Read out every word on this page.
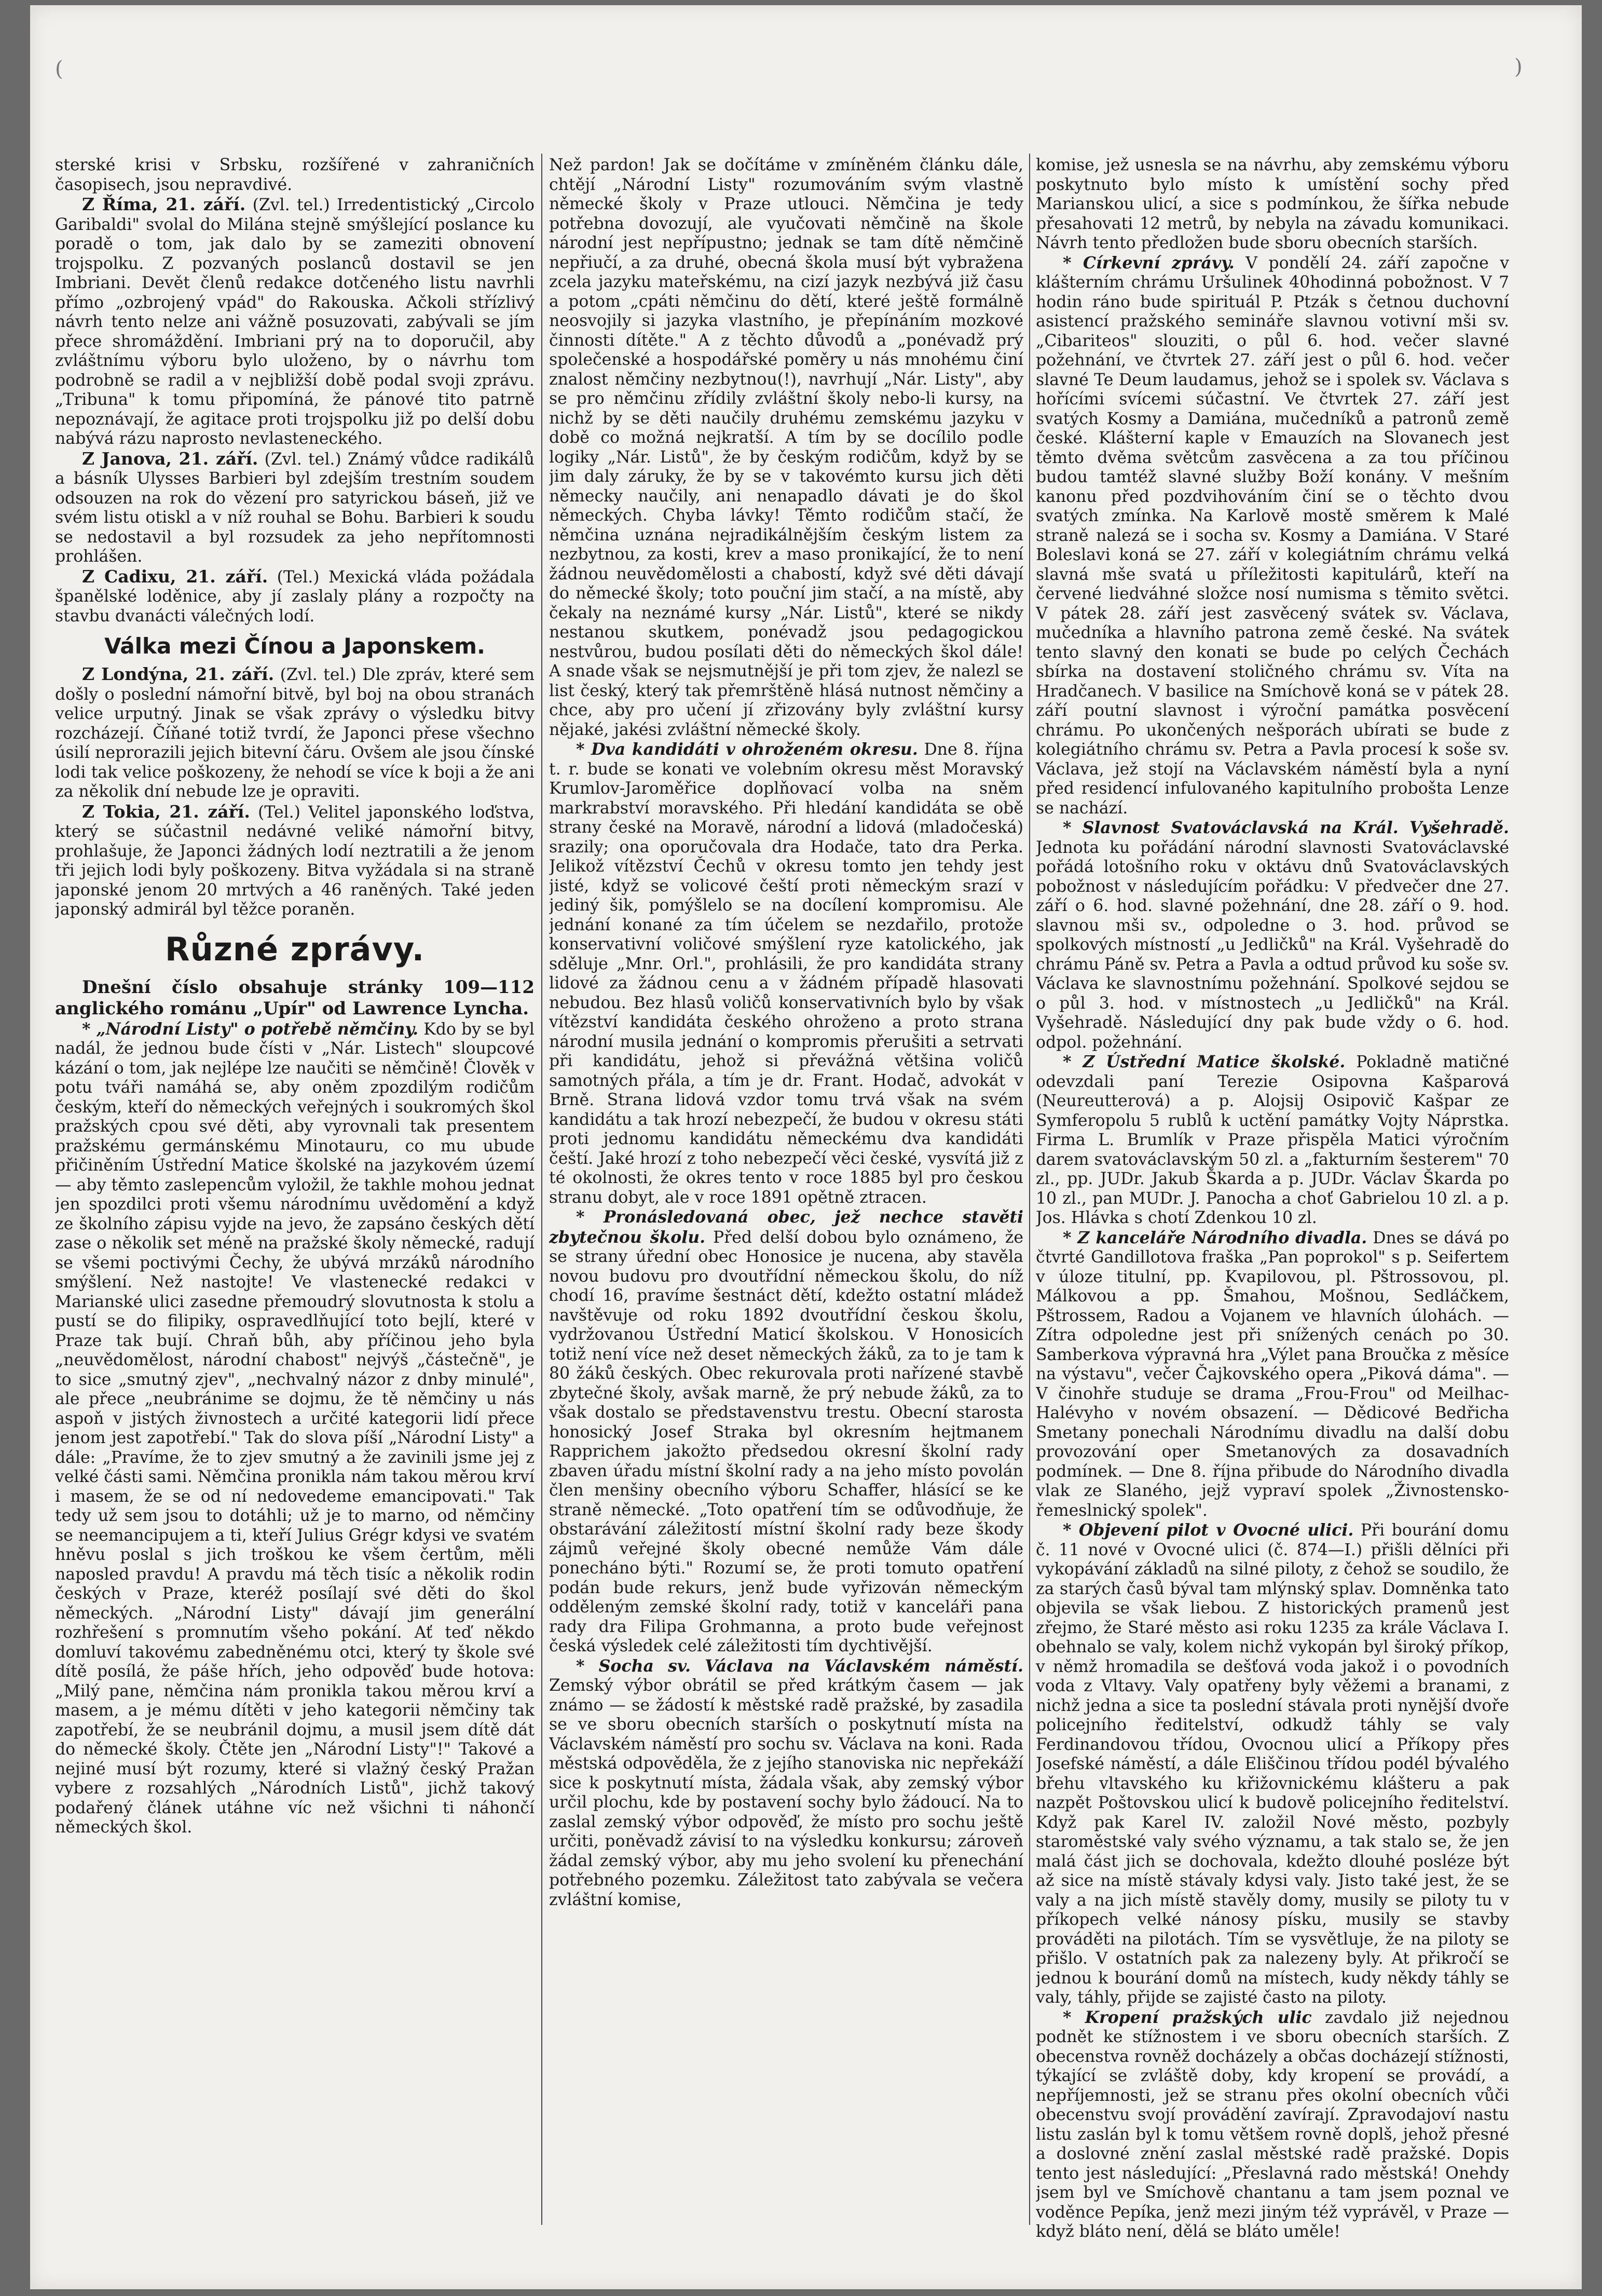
(	)

sterské krisi v Srbsku, rozšířené v zahraničních časopisech, jsou nepravdivé.

Z Říma, 21. září. (Zvl. tel.) Irredentistický „Circolo Garibaldi" svolal do Milána stejně smýšlející poslance ku poradě o tom, jak dalo by se zameziti obnovení trojspolku. Z pozvaných poslanců dostavil se jen Imbriani. Devět členů redakce dotčeného listu navrhli přímo „ozbrojený vpád" do Rakouska. Ačkoli střízlivý návrh tento nelze ani vážně posuzovati, zabývali se jím přece shromáždění. Imbriani prý na to doporučil, aby zvláštnímu výboru bylo uloženo, by o návrhu tom podrobně se radil a v nejbližší době podal svoji zprávu. „Tribuna" k tomu připomíná, že pánové tito patrně nepoznávají, že agitace proti trojspolku již po delší dobu nabývá rázu naprosto nevlasteneckého.

Z Janova, 21. září. (Zvl. tel.) Známý vůdce radikálů a básník Ulysses Barbieri byl zdejším trestním soudem odsouzen na rok do vězení pro satyrickou báseň, již ve svém listu otiskl a v níž rouhal se Bohu. Barbieri k soudu se nedostavil a byl rozsudek za jeho nepřítomnosti prohlášen.

Z Cadixu, 21. září. (Tel.) Mexická vláda požádala španělské loděnice, aby jí zaslaly plány a rozpočty na stavbu dvanácti válečných lodí.

Válka mezi Čínou a Japonskem.

Z Londýna, 21. září. (Zvl. tel.) Dle zpráv, které sem došly o poslední námořní bitvě, byl boj na obou stranách velice urputný. Jinak se však zprávy o výsledku bitvy rozcházejí. Číňané totiž tvrdí, že Japonci přese všechno úsilí neprorazili jejich bitevní čáru. Ovšem ale jsou čínské lodi tak velice poškozeny, že nehodí se více k boji a že ani za několik dní nebude lze je opraviti.

Z Tokia, 21. září. (Tel.) Velitel japonského loďstva, který se súčastnil nedávné veliké námořní bitvy, prohlašuje, že Japonci žádných lodí neztratili a že jenom tři jejich lodi byly poškozeny. Bitva vyžádala si na straně japonské jenom 20 mrtvých a 46 raněných. Také jeden japonský admirál byl těžce poraněn.

Různé zprávy.

Dnešní číslo obsahuje stránky 109—112 anglického románu „Upír" od Lawrence Lyncha.

* „Národní Listy" o potřebě němčiny. Kdo by se byl nadál, že jednou bude čísti v „Nár. Listech" sloupcové kázání o tom, jak nejlépe lze naučiti se němčině! Člověk v potu tváři namáhá se, aby oněm zpozdilým rodičům českým, kteří do německých veřejných i soukromých škol pražských cpou své děti, aby vyrovnali tak presentem pražskému germánskému Minotauru, co mu ubude přičiněním Ústřední Matice školské na jazykovém území — aby těmto zaslepencům vyložil, že takhle mohou jednat jen spozdilci proti všemu národnímu uvědomění a když ze školního zápisu vyjde na jevo, že zapsáno českých dětí zase o několik set méně na pražské školy německé, radují se všemi poctivými Čechy, že ubývá mrzáků národního smýšlení. Než nastojte! Ve vlastenecké redakci v Marianské ulici zasedne přemoudrý slovutnosta k stolu a pustí se do filipiky, ospravedlňující toto bejlí, které v Praze tak bují. Chraň bůh, aby příčinou jeho byla „neuvědomělost, národní chabost" nejvýš „částečně", je to sice „smutný zjev", „nechvalný názor z dnby minulé", ale přece „neubránime se dojmu, že tě němčiny u nás aspoň v jistých živnostech a určité kategorii lidí přece jenom jest zapotřebí." Tak do slova píší „Národní Listy" a dále: „Pravíme, že to zjev smutný a že zavinili jsme jej z velké části sami. Němčina pronikla nám takou měrou krví i masem, že se od ní nedovedeme emancipovati." Tak tedy už sem jsou to dotáhli; už je to marno, od němčiny se neemancipujem a ti, kteří Julius Grégr kdysi ve svatém hněvu poslal s jich troškou ke všem čertům, měli naposled pravdu! A pravdu má těch tisíc a několik rodin českých v Praze, kteréž posílají své děti do škol německých. „Národní Listy" dávají jim generální rozhřešení s promnutím všeho pokání. Ať teď někdo domluví takovému zabedněnému otci, který ty škole své dítě posílá, že páše hřích, jeho odpověď bude hotova: „Milý pane, němčina nám pronikla takou měrou krví a masem, a je mému dítěti v jeho kategorii němčiny tak zapotřebí, že se neubránil dojmu, a musil jsem dítě dát do německé školy. Čtěte jen „Národní Listy"!" Takové a nejiné musí být rozumy, které si vlažný český Pražan vybere z rozsahlých „Národních Listů", jichž takový podařený článek utáhne víc než všichni ti náhončí německých škol.

Než pardon! Jak se dočítáme v zmíněném článku dále, chtějí „Národní Listy" rozumováním svým vlastně německé školy v Praze utlouci. Němčina je tedy potřebna dovozují, ale vyučovati němčině na škole národní jest nepřípustno; jednak se tam dítě němčině nepřiučí, a za druhé, obecná škola musí být vybražena zcela jazyku mateřskému, na cizí jazyk nezbývá již času a potom „cpáti němčinu do dětí, které ještě formálně neosvojily si jazyka vlastního, je přepínáním mozkové činnosti dítěte." A z těchto důvodů a „ponévadž prý společenské a hospodářské poměry u nás mnohému činí znalost němčiny nezbytnou(!), navrhují „Nár. Listy", aby se pro němčinu zřídily zvláštní školy nebo-li kursy, na nichž by se děti naučily druhému zemskému jazyku v době co možná nejkratší. A tím by se docílilo podle logiky „Nár. Listů", že by českým rodičům, když by se jim daly záruky, že by se v takovémto kursu jich děti německy naučily, ani nenapadlo dávati je do škol německých. Chyba lávky! Těmto rodičům stačí, že němčina uznána nejradikálnějším českým listem za nezbytnou, za kosti, krev a maso pronikající, že to není žádnou neuvědomělosti a chabostí, když své děti dávají do německé školy; toto pouční jim stačí, a na místě, aby čekaly na neznámé kursy „Nár. Listů", které se nikdy nestanou skutkem, ponévadž jsou pedagogickou nestvůrou, budou posílati děti do německých škol dále! A snade však se nejsmutnější je při tom zjev, že nalezl se list český, který tak přemrštěně hlásá nutnost němčiny a chce, aby pro učení jí zřizovány byly zvláštní kursy nějaké, jakési zvláštní německé školy.

* Dva kandidáti v ohroženém okresu. Dne 8. října t. r. bude se konati ve volebním okresu měst Moravský Krumlov-Jaroměřice doplňovací volba na sněm markrabství moravského. Při hledání kandidáta se obě strany české na Moravě, národní a lidová (mladočeská) srazily; ona oporučovala dra Hodače, tato dra Perka. Jelikož vítězství Čechů v okresu tomto jen tehdy jest jisté, když se volicové čeští proti německým srazí v jediný šik, pomýšlelo se na docílení kompromisu. Ale jednání konané za tím účelem se nezdařilo, protože konservativní voličové smýšlení ryze katolického, jak sděluje „Mnr. Orl.", prohlásili, že pro kandidáta strany lidové za žádnou cenu a v žádném případě hlasovati nebudou. Bez hlasů voličů konservativních bylo by však vítězství kandidáta českého ohroženo a proto strana národní musila jednání o kompromis přerušiti a setrvati při kandidátu, jehož si převážná většina voličů samotných přála, a tím je dr. Frant. Hodač, advokát v Brně. Strana lidová vzdor tomu trvá však na svém kandidátu a tak hrozí nebezpečí, že budou v okresu státi proti jednomu kandidátu německému dva kandidáti čeští. Jaké hrozí z toho nebezpečí věci české, vysvítá již z té okolnosti, že okres tento v roce 1885 byl pro českou stranu dobyt, ale v roce 1891 opětně ztracen.

* Pronásledovaná obec, jež nechce stavěti zbytečnou školu. Před delší dobou bylo oznámeno, že se strany úřední obec Honosice je nucena, aby stavěla novou budovu pro dvoutřídní německou školu, do níž chodí 16, pravíme šestnáct dětí, kdežto ostatní mládež navštěvuje od roku 1892 dvoutřídní českou školu, vydržovanou Ústřední Maticí školskou. V Honosicích totiž není více než deset německých žáků, za to je tam k 80 žáků českých. Obec rekurovala proti nařízené stavbě zbytečné školy, avšak marně, že prý nebude žáků, za to však dostalo se představenstvu trestu. Obecní starosta honosický Josef Straka byl okresním hejtmanem Rapprichem jakožto předsedou okresní školní rady zbaven úřadu místní školní rady a na jeho místo povolán člen menšiny obecního výboru Schaffer, hlásící se ke straně německé. „Toto opatření tím se odůvodňuje, že obstarávání záležitostí místní školní rady beze škody zájmů veřejné školy obecné nemůže Vám dále ponecháno býti." Rozumí se, že proti tomuto opatření podán bude rekurs, jenž bude vyřizován německým odděleným zemské školní rady, totiž v kanceláři pana rady dra Filipa Grohmanna, a proto bude veřejnost česká výsledek celé záležitosti tím dychtivější.

* Socha sv. Václava na Václavském náměstí. Zemský výbor obrátil se před krátkým časem — jak známo — se žádostí k městské radě pražské, by zasadila se ve sboru obecních starších o poskytnutí místa na Václavském náměstí pro sochu sv. Václava na koni. Rada městská odpověděla, že z jejího stanoviska nic nepřekáží sice k poskytnutí místa, žádala však, aby zemský výbor určil plochu, kde by postavení sochy bylo žádoucí. Na to zaslal zemský výbor odpověď, že místo pro sochu ještě určiti, poněvadž závisí to na výsledku konkursu; zároveň žádal zemský výbor, aby mu jeho svolení ku přenechání potřebného pozemku. Záležitost tato zabývala se večera zvláštní komise,

komise, jež usnesla se na návrhu, aby zemskému výboru poskytnuto bylo místo k umístění sochy před Marianskou ulicí, a sice s podmínkou, že šířka nebude přesahovati 12 metrů, by nebyla na závadu komunikaci. Návrh tento předložen bude sboru obecních starších.

* Církevní zprávy. V pondělí 24. září započne v klášterním chrámu Uršulinek 40hodinná pobožnost. V 7 hodin ráno bude spirituál P. Ptzák s četnou duchovní asistencí pražského semináře slavnou votivní mši sv. „Cibariteos" slouziti, o půl 6. hod. večer slavné požehnání, ve čtvrtek 27. září jest o půl 6. hod. večer slavné Te Deum laudamus, jehož se i spolek sv. Václava s hořícími svícemi súčastní. Ve čtvrtek 27. září jest svatých Kosmy a Damiána, mučedníků a patronů země české. Klášterní kaple v Emauzích na Slovanech jest těmto dvěma světcům zasvěcena a za tou příčinou budou tamtéž slavné služby Boží konány. V mešním kanonu před pozdvihováním činí se o těchto dvou svatých zmínka. Na Karlově mostě směrem k Malé straně nalezá se i socha sv. Kosmy a Damiána. V Staré Boleslavi koná se 27. září v kolegiátním chrámu velká slavná mše svatá u příležitosti kapitulárů, kteří na červené liedváhné složce nosí numisma s těmito světci. V pátek 28. září jest zasvěcený svátek sv. Václava, mučedníka a hlavního patrona země české. Na svátek tento slavný den konati se bude po celých Čechách sbírka na dostavení stoličného chrámu sv. Víta na Hradčanech. V basilice na Smíchově koná se v pátek 28. září poutní slavnost i výroční památka posvěcení chrámu. Po ukončených nešporách ubírati se bude z kolegiátního chrámu sv. Petra a Pavla procesí k soše sv. Václava, jež stojí na Václavském náměstí byla a nyní před residencí infulovaného kapitulního probošta Lenze se nachází.

* Slavnost Svatováclavská na Král. Vyšehradě. Jednota ku pořádání národní slavnosti Svatováclavské pořádá lotošního roku v oktávu dnů Svatováclavských pobožnost v následujícím pořádku: V předvečer dne 27. září o 6. hod. slavné požehnání, dne 28. září o 9. hod. slavnou mši sv., odpoledne o 3. hod. průvod se spolkových místností „u Jedličků" na Král. Vyšehradě do chrámu Páně sv. Petra a Pavla a odtud průvod ku soše sv. Václava ke slavnostnímu požehnání. Spolkové sejdou se o půl 3. hod. v místnostech „u Jedličků" na Král. Vyšehradě. Následující dny pak bude vždy o 6. hod. odpol. požehnání.

* Z Ústřední Matice školské. Pokladně matičné odevzdali paní Terezie Osipovna Kašparová (Neureutterová) a p. Alojsij Osipovič Kašpar ze Symferopolu 5 rublů k uctění památky Vojty Náprstka. Firma L. Brumlík v Praze přispěla Matici výročním darem svatováclavským 50 zl. a „fakturním šesterem" 70 zl., pp. JUDr. Jakub Škarda a p. JUDr. Václav Škarda po 10 zl., pan MUDr. J. Panocha a choť Gabrielou 10 zl. a p. Jos. Hlávka s chotí Zdenkou 10 zl.

* Z kanceláře Národního divadla. Dnes se dává po čtvrté Gandillotova fraška „Pan poprokol" s p. Seifertem v úloze titulní, pp. Kvapilovou, pl. Pštrossovou, pl. Málkovou a pp. Šmahou, Mošnou, Sedláčkem, Pštrossem, Radou a Vojanem ve hlavních úlohách. — Zítra odpoledne jest při snížených cenách po 30. Samberkova výpravná hra „Výlet pana Broučka z měsíce na výstavu", večer Čajkovského opera „Piková dáma". — V činohře studuje se drama „Frou-Frou" od Meilhac-Halévyho v novém obsazení. — Dědicové Bedřicha Smetany ponechali Národnímu divadlu na další dobu provozování oper Smetanových za dosavadních podmínek. — Dne 8. října přibude do Národního divadla vlak ze Slaného, jejž vypraví spolek „Živnostensko-řemeslnický spolek".

* Objevení pilot v Ovocné ulici. Při bourání domu č. 11 nové v Ovocné ulici (č. 874—I.) přišli dělníci při vykopávání základů na silné piloty, z čehož se soudilo, že za starých časů býval tam mlýnský splav. Domněnka tato objevila se však liebou. Z historických pramenů jest zřejmo, že Staré město asi roku 1235 za krále Václava I. obehnalo se valy, kolem nichž vykopán byl široký příkop, v němž hromadila se dešťová voda jakož i o povodních voda z Vltavy. Valy opatřeny byly věžemi a branami, z nichž jedna a sice ta poslední stávala proti nynější dvoře policejního ředitelství, odkudž táhly se valy Ferdinandovou třídou, Ovocnou ulicí a Příkopy přes Josefské náměstí, a dále Eliščinou třídou podél bývalého břehu vltavského ku křižovnickému klášteru a pak nazpět Poštovskou ulicí k budově policejního ředitelství. Když pak Karel IV. založil Nové město, pozbyly staroměstské valy svého významu, a tak stalo se, že jen malá část jich se dochovala, kdežto dlouhé posléze být až sice na místě stávaly kdysi valy. Jisto také jest, že se valy a na jich místě stavěly domy, musily se piloty tu v příkopech velké nánosy písku, musily se stavby prováděti na pilotách. Tím se vysvětluje, že na piloty se přišlo. V ostatních pak za nalezeny byly. At přikročí se jednou k bourání domů na místech, kudy někdy táhly se valy, táhly, přijde se zajisté často na piloty.

* Kropení pražských ulic zavdalo již nejednou podnět ke stížnostem i ve sboru obecních starších. Z obecenstva rovněž docházely a občas docházejí stížnosti, týkající se zvláště doby, kdy kropení se provádí, a nepříjemnosti, jež se stranu přes okolní obecních vůči obecenstvu svojí provádění zavírají. Zpravodajoví nastu listu zaslán byl k tomu většem rovně doplš, jehož přesné a doslovné znění zaslal městské radě pražské. Dopis tento jest následující: „Přeslavná rado městská! Onehdy jsem byl ve Smíchově chantanu a tam jsem poznal ve voděnce Pepíka, jenž mezi jiným též vyprávěl, v Praze — když bláto není, dělá se bláto uměle!
